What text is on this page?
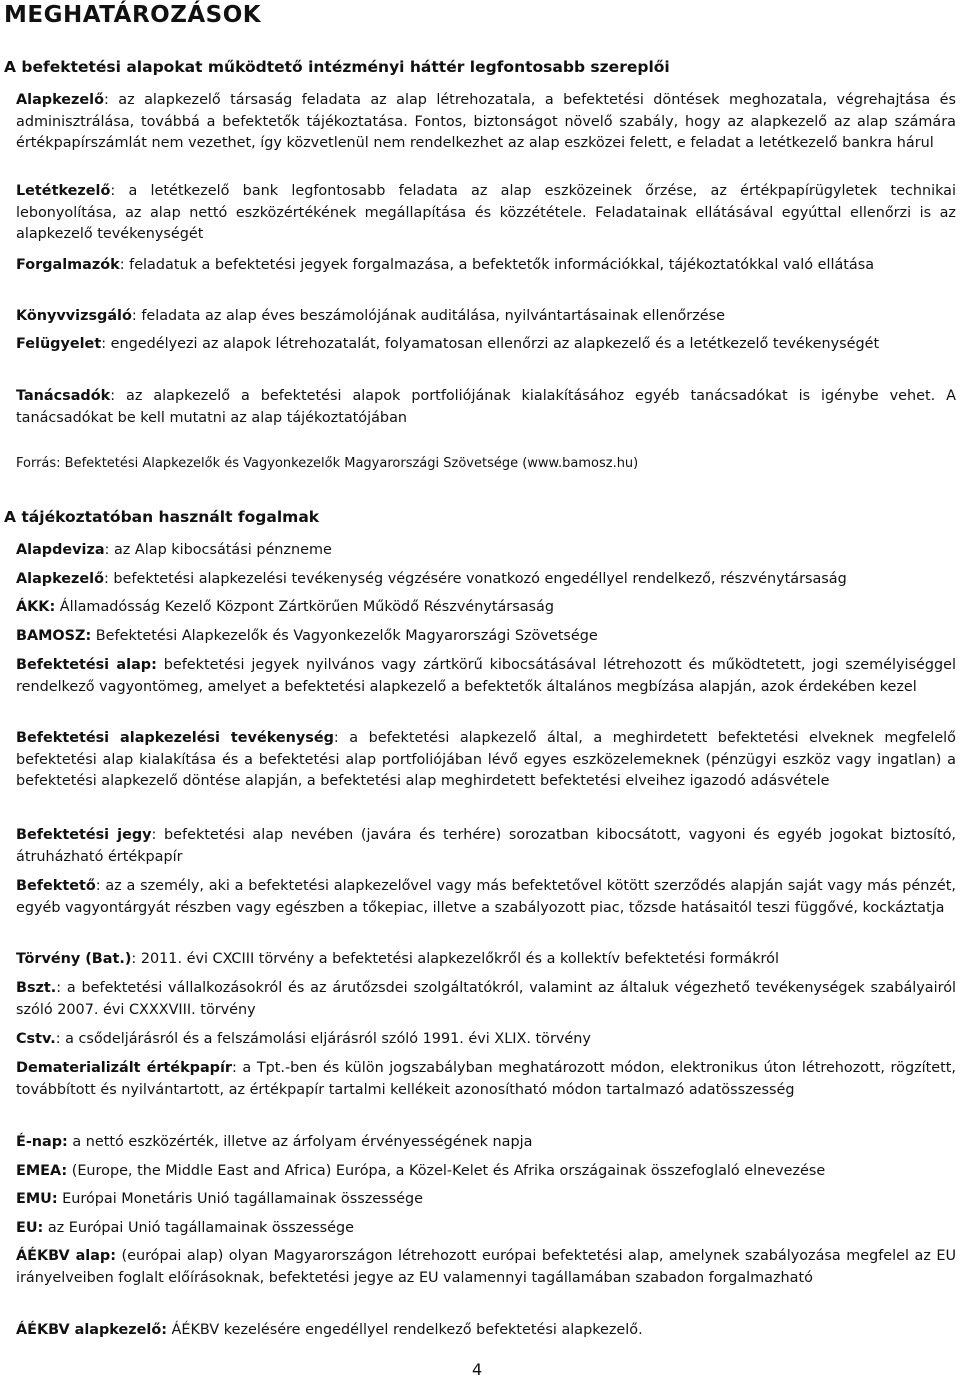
MEGHATÁROZÁSOK
A befektetési alapokat működtető intézményi háttér legfontosabb szereplői
Alapkezelő: az alapkezelő társaság feladata az alap létrehozatala, a befektetési döntések meghozatala, végrehajtása és adminisztrálása, továbbá a befektetők tájékoztatása. Fontos, biztonságot növelő szabály, hogy az alapkezelő az alap számára értékpapírszámlát nem vezethet, így közvetlenül nem rendelkezhet az alap eszközei felett, e feladat a letétkezelő bankra hárul
Letétkezelő: a letétkezelő bank legfontosabb feladata az alap eszközeinek őrzése, az értékpapírügyletek technikai lebonyolítása, az alap nettó eszközértékének megállapítása és közzététele. Feladatainak ellátásával egyúttal ellenőrzi is az alapkezelő tevékenységét
Forgalmazók: feladatuk a befektetési jegyek forgalmazása, a befektetők információkkal, tájékoztatókkal való ellátása
Könyvvizsgáló: feladata az alap éves beszámolójának auditálása, nyilvántartásainak ellenőrzése
Felügyelet: engedélyezi az alapok létrehozatalát, folyamatosan ellenőrzi az alapkezelő és a letétkezelő tevékenységét
Tanácsadók: az alapkezelő a befektetési alapok portfoliójának kialakításához egyéb tanácsadókat is igénybe vehet. A tanácsadókat be kell mutatni az alap tájékoztatójában
Forrás: Befektetési Alapkezelők és Vagyonkezelők Magyarországi Szövetsége (www.bamosz.hu)
A tájékoztatóban használt fogalmak
Alapdeviza: az Alap kibocsátási pénzneme
Alapkezelő: befektetési alapkezelési tevékenység végzésére vonatkozó engedéllyel rendelkező, részvénytársaság
ÁKK: Államadósság Kezelő Központ Zártkörűen Működő Részvénytársaság
BAMOSZ: Befektetési Alapkezelők és Vagyonkezelők Magyarországi Szövetsége
Befektetési alap: befektetési jegyek nyilvános vagy zártkörű kibocsátásával létrehozott és működtetett, jogi személyiséggel rendelkező vagyontömeg, amelyet a befektetési alapkezelő a befektetők általános megbízása alapján, azok érdekében kezel
Befektetési alapkezelési tevékenység: a befektetési alapkezelő által, a meghirdetett befektetési elveknek megfelelő befektetési alap kialakítása és a befektetési alap portfoliójában lévő egyes eszközelemeknek (pénzügyi eszköz vagy ingatlan) a befektetési alapkezelő döntése alapján, a befektetési alap meghirdetett befektetési elveihez igazodó adásvétele
Befektetési jegy: befektetési alap nevében (javára és terhére) sorozatban kibocsátott, vagyoni és egyéb jogokat biztosító, átruházható értékpapír
Befektető: az a személy, aki a befektetési alapkezelővel vagy más befektetővel kötött szerződés alapján saját vagy más pénzét, egyéb vagyontárgyát részben vagy egészben a tőkepiac, illetve a szabályozott piac, tőzsde hatásaitól teszi függővé, kockáztatja
Törvény (Bat.): 2011. évi CXCIII törvény a befektetési alapkezelőkről és a kollektív befektetési formákról
Bszt.: a befektetési vállalkozásokról és az árutőzsdei szolgáltatókról, valamint az általuk végezhető tevékenységek szabályairól szóló 2007. évi CXXXVIII. törvény
Cstv.: a csődeljárásról és a felszámolási eljárásról szóló 1991. évi XLIX. törvény
Dematerializált értékpapír: a Tpt.-ben és külön jogszabályban meghatározott módon, elektronikus úton létrehozott, rögzített, továbbított és nyilvántartott, az értékpapír tartalmi kellékeit azonosítható módon tartalmazó adatösszesség
É-nap: a nettó eszközérték, illetve az árfolyam érvényességének napja
EMEA: (Europe, the Middle East and Africa) Európa, a Közel-Kelet és Afrika országainak összefoglaló elnevezése
EMU: Európai Monetáris Unió tagállamainak összessége
EU: az Európai Unió tagállamainak összessége
ÁÉKBV alap: (európai alap) olyan Magyarországon létrehozott európai befektetési alap, amelynek szabályozása megfelel az EU irányelveiben foglalt előírásoknak, befektetési jegye az EU valamennyi tagállamában szabadon forgalmazható
ÁÉKBV alapkezelő: ÁÉKBV kezelésére engedéllyel rendelkező befektetési alapkezelő.
4
